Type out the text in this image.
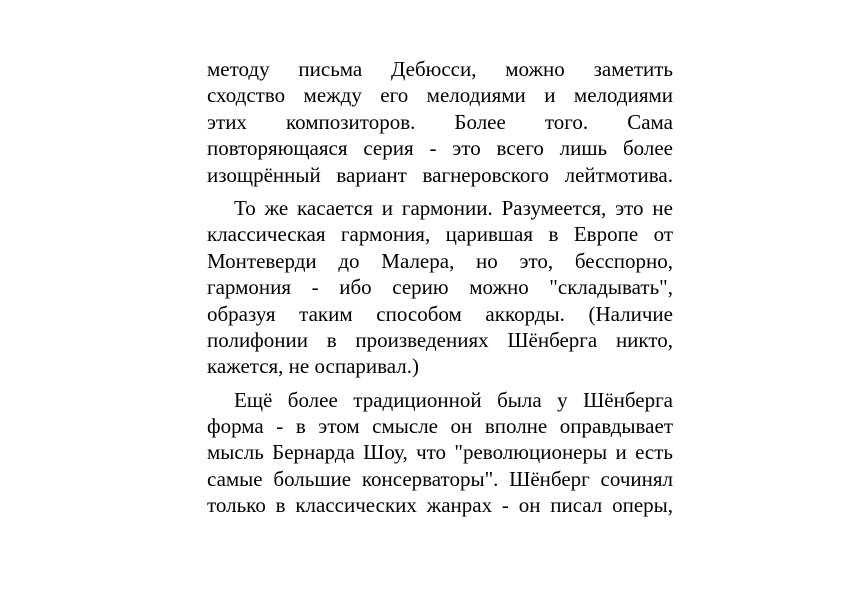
методу письма Дебюсси, можно заметить
сходство между его мелодиями и мелодиями
этих композиторов. Более того. Сама
повторяющаяся серия - это всего лишь более
изощрённый вариант вагнеровского лейтмотива.
То же касается и гармонии. Разумеется, это не
классическая гармония, царившая в Европе от
Монтеверди до Малера, но это, бесспорно,
гармония - ибо серию можно "складывать",
образуя таким способом аккорды. (Наличие
полифонии в произведениях Шёнберга никто,
кажется, не оспаривал.)
Ещё более традиционной была у Шёнберга
форма - в этом смысле он вполне оправдывает
мысль Бернарда Шоу, что "революционеры и есть
самые большие консерваторы". Шёнберг сочинял
только в классических жанрах - он писал оперы,
